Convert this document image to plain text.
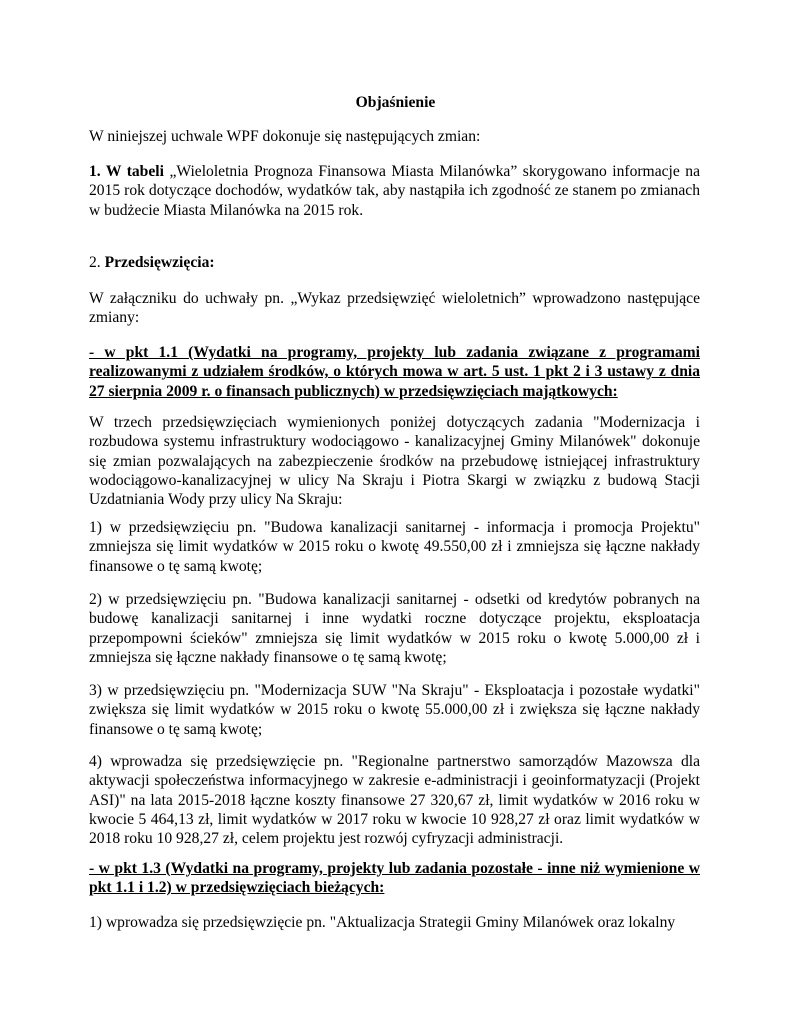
Objaśnienie

W niniejszej uchwale WPF dokonuje się następujących zmian:

1. W tabeli „Wieloletnia Prognoza Finansowa Miasta Milanówka” skorygowano informacje na 2015 rok dotyczące dochodów, wydatków tak, aby nastąpiła ich zgodność ze stanem po zmianach w budżecie Miasta Milanówka na 2015 rok.

2. Przedsięwzięcia:

W załączniku do uchwały pn. „Wykaz przedsięwzięć wieloletnich” wprowadzono następujące zmiany:

- w pkt 1.1 (Wydatki na programy, projekty lub zadania związane z programami realizowanymi z udziałem środków, o których mowa w art. 5 ust. 1 pkt 2 i 3 ustawy z dnia 27 sierpnia 2009 r. o finansach publicznych) w przedsięwzięciach majątkowych:

W trzech przedsięwzięciach wymienionych poniżej dotyczących zadania "Modernizacja i rozbudowa systemu infrastruktury wodociągowo - kanalizacyjnej Gminy Milanówek" dokonuje się zmian pozwalających na zabezpieczenie środków na przebudowę istniejącej infrastruktury wodociągowo-kanalizacyjnej w ulicy Na Skraju i Piotra Skargi w związku z budową Stacji Uzdatniania Wody przy ulicy Na Skraju:

1) w przedsięwzięciu pn. "Budowa kanalizacji sanitarnej - informacja i promocja Projektu" zmniejsza się limit wydatków w 2015 roku o kwotę 49.550,00 zł i zmniejsza się łączne nakłady finansowe o tę samą kwotę;

2) w przedsięwzięciu pn. "Budowa kanalizacji sanitarnej - odsetki od kredytów pobranych na budowę kanalizacji sanitarnej i inne wydatki roczne dotyczące projektu, eksploatacja przepompowni ścieków" zmniejsza się limit wydatków w 2015 roku o kwotę 5.000,00 zł i zmniejsza się łączne nakłady finansowe o tę samą kwotę;

3) w przedsięwzięciu pn. "Modernizacja SUW "Na Skraju" - Eksploatacja i pozostałe wydatki" zwiększa się limit wydatków w 2015 roku o kwotę 55.000,00 zł i zwiększa się łączne nakłady finansowe o tę samą kwotę;

4) wprowadza się przedsięwzięcie pn. "Regionalne partnerstwo samorządów Mazowsza dla aktywacji społeczeństwa informacyjnego w zakresie e-administracji i geoinformatyzacji (Projekt ASI)" na lata 2015-2018 łączne koszty finansowe 27 320,67 zł, limit wydatków w 2016 roku w kwocie 5 464,13 zł, limit wydatków w 2017 roku w kwocie 10 928,27 zł oraz limit wydatków w 2018 roku 10 928,27 zł, celem projektu jest rozwój cyfryzacji administracji.

- w pkt 1.3 (Wydatki na programy, projekty lub zadania pozostałe - inne niż wymienione w pkt 1.1 i 1.2) w przedsięwzięciach bieżących:

1) wprowadza się przedsięwzięcie pn. "Aktualizacja Strategii Gminy Milanówek oraz lokalny
